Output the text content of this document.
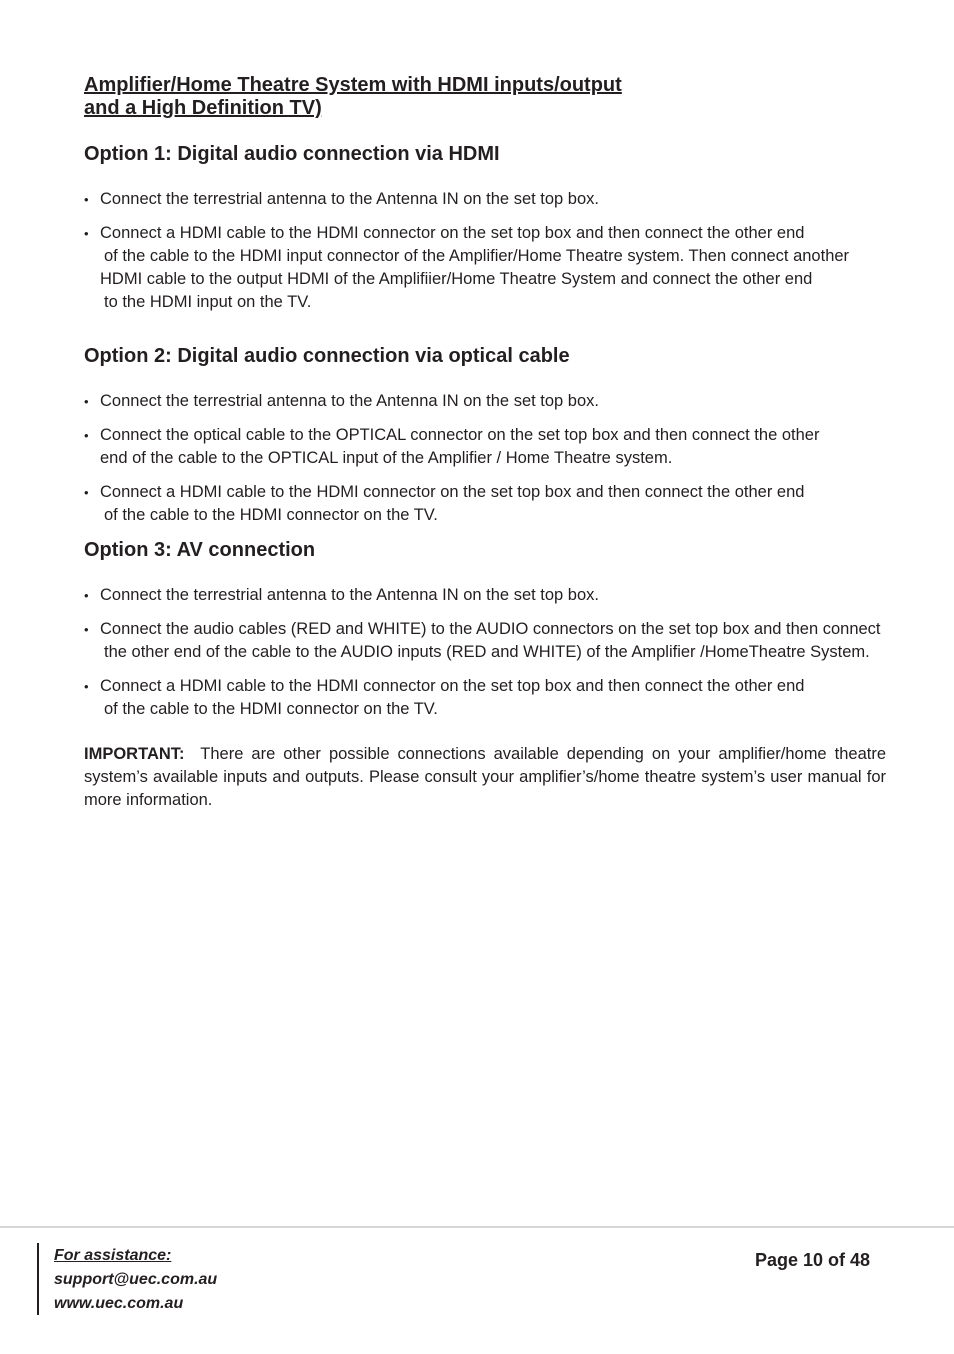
Amplifier/Home Theatre System with HDMI inputs/output
and a High Definition TV)
Option 1: Digital audio connection via HDMI
• Connect the terrestrial antenna to the Antenna IN on the set top box.
• Connect a HDMI cable to the HDMI connector on the set top box and then connect the other end
of the cable to the HDMI input connector of the Amplifier/Home Theatre system. Then connect another
HDMI cable to the output HDMI of the Amplifiier/Home Theatre System and connect the other end
to the HDMI input on the TV.
Option 2: Digital audio connection via optical cable
• Connect the terrestrial antenna to the Antenna IN on the set top box.
• Connect the optical cable to the OPTICAL connector on the set top box and then connect the other
end of the cable to the OPTICAL input of the Amplifier / Home Theatre system.
• Connect a HDMI cable to the HDMI connector on the set top box and then connect the other end
of the cable to the HDMI connector on the TV.
Option 3: AV connection
• Connect the terrestrial antenna to the Antenna IN on the set top box.
• Connect the audio cables (RED and WHITE) to the AUDIO connectors on the set top box and then connect
the other end of the cable to the AUDIO inputs (RED and WHITE) of the Amplifier /HomeTheatre System.
• Connect a HDMI cable to the HDMI connector on the set top box and then connect the other end
of the cable to the HDMI connector on the TV.

IMPORTANT: There are other possible connections available depending on your amplifier/home theatre system’s available inputs and outputs. Please consult your amplifier’s/home theatre system’s user manual for more information.

For assistance:
support@uec.com.au
www.uec.com.au
Page 10 of 48
